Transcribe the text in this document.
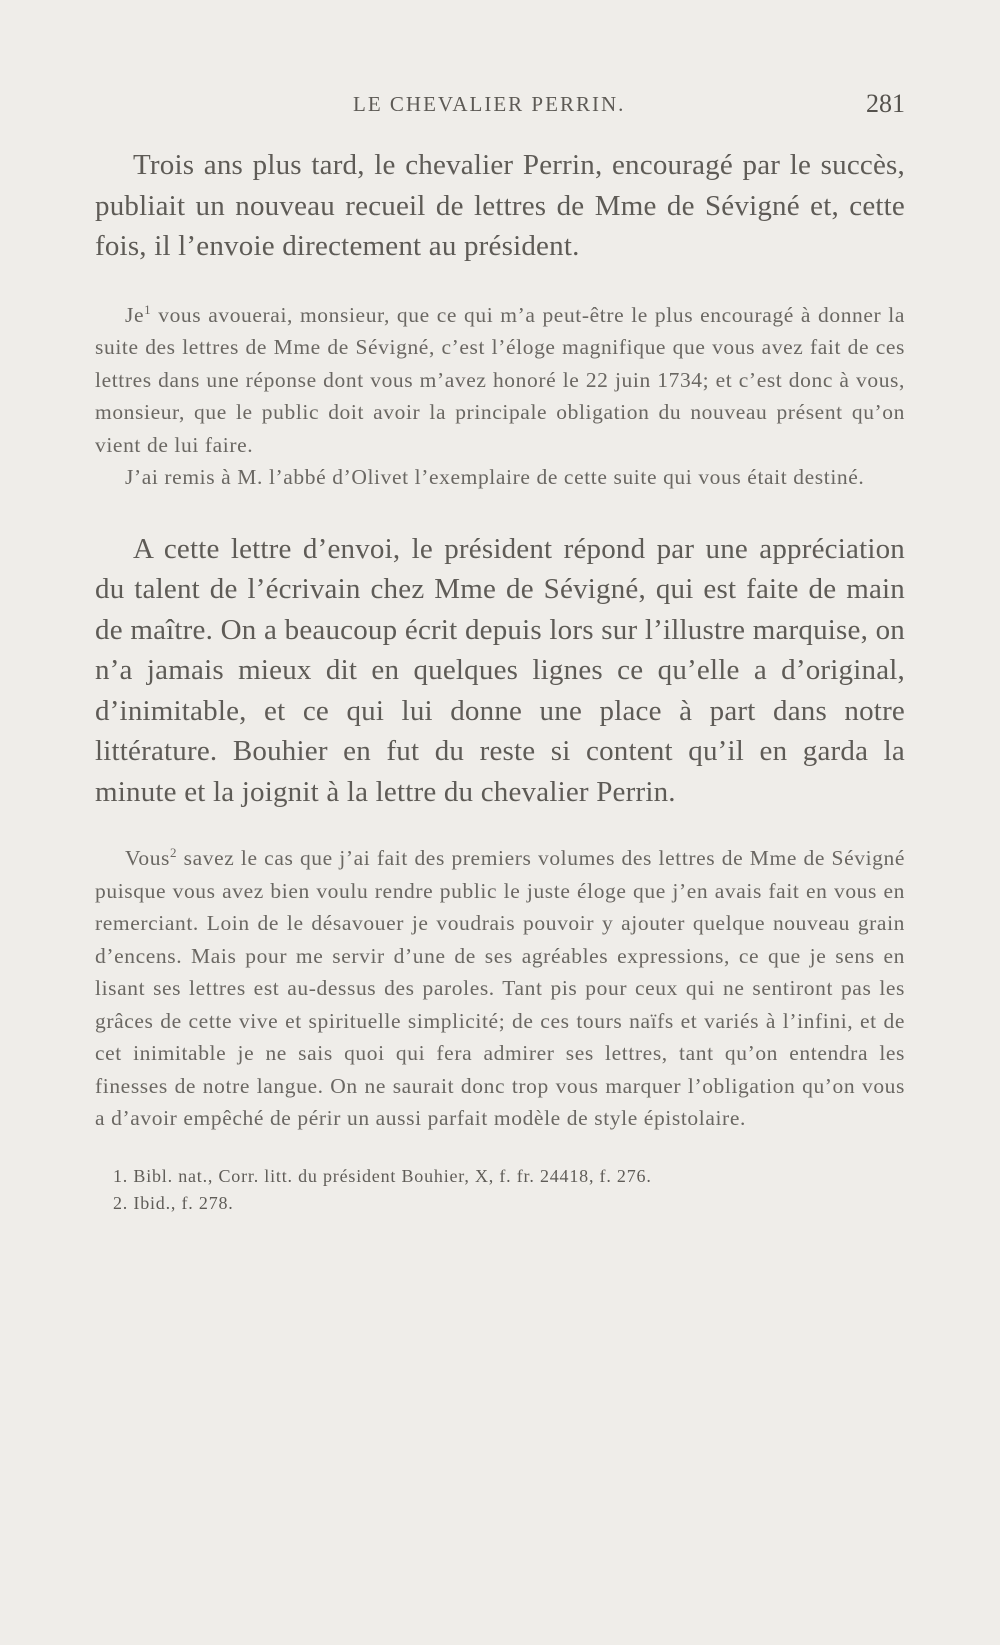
LE CHEVALIER PERRIN.	281

Trois ans plus tard, le chevalier Perrin, encouragé par le succès, publiait un nouveau recueil de lettres de Mme de Sévigné et, cette fois, il l’envoie directement au président.

Je$^1$ vous avouerai, monsieur, que ce qui m’a peut-être le plus encouragé à donner la suite des lettres de Mme de Sévigné, c’est l’éloge magnifique que vous avez fait de ces lettres dans une réponse dont vous m’avez honoré le 22 juin 1734; et c’est donc à vous, monsieur, que le public doit avoir la principale obligation du nouveau présent qu’on vient de lui faire.

J’ai remis à M. l’abbé d’Olivet l’exemplaire de cette suite qui vous était destiné.

A cette lettre d’envoi, le président répond par une appréciation du talent de l’écrivain chez Mme de Sévigné, qui est faite de main de maître. On a beaucoup écrit depuis lors sur l’illustre marquise, on n’a jamais mieux dit en quelques lignes ce qu’elle a d’original, d’inimitable, et ce qui lui donne une place à part dans notre littérature. Bouhier en fut du reste si content qu’il en garda la minute et la joignit à la lettre du chevalier Perrin.

Vous$^2$ savez le cas que j’ai fait des premiers volumes des lettres de Mme de Sévigné puisque vous avez bien voulu rendre public le juste éloge que j’en avais fait en vous en remerciant. Loin de le désavouer je voudrais pouvoir y ajouter quelque nouveau grain d’encens. Mais pour me servir d’une de ses agréables expressions, ce que je sens en lisant ses lettres est au-dessus des paroles. Tant pis pour ceux qui ne sentiront pas les grâces de cette vive et spirituelle simplicité; de ces tours naïfs et variés à l’infini, et de cet inimitable je ne sais quoi qui fera admirer ses lettres, tant qu’on entendra les finesses de notre langue. On ne saurait donc trop vous marquer l’obligation qu’on vous a d’avoir empêché de périr un aussi parfait modèle de style épistolaire.

1. Bibl. nat., Corr. litt. du président Bouhier, X, f. fr. 24418, f. 276.

2. Ibid., f. 278.
